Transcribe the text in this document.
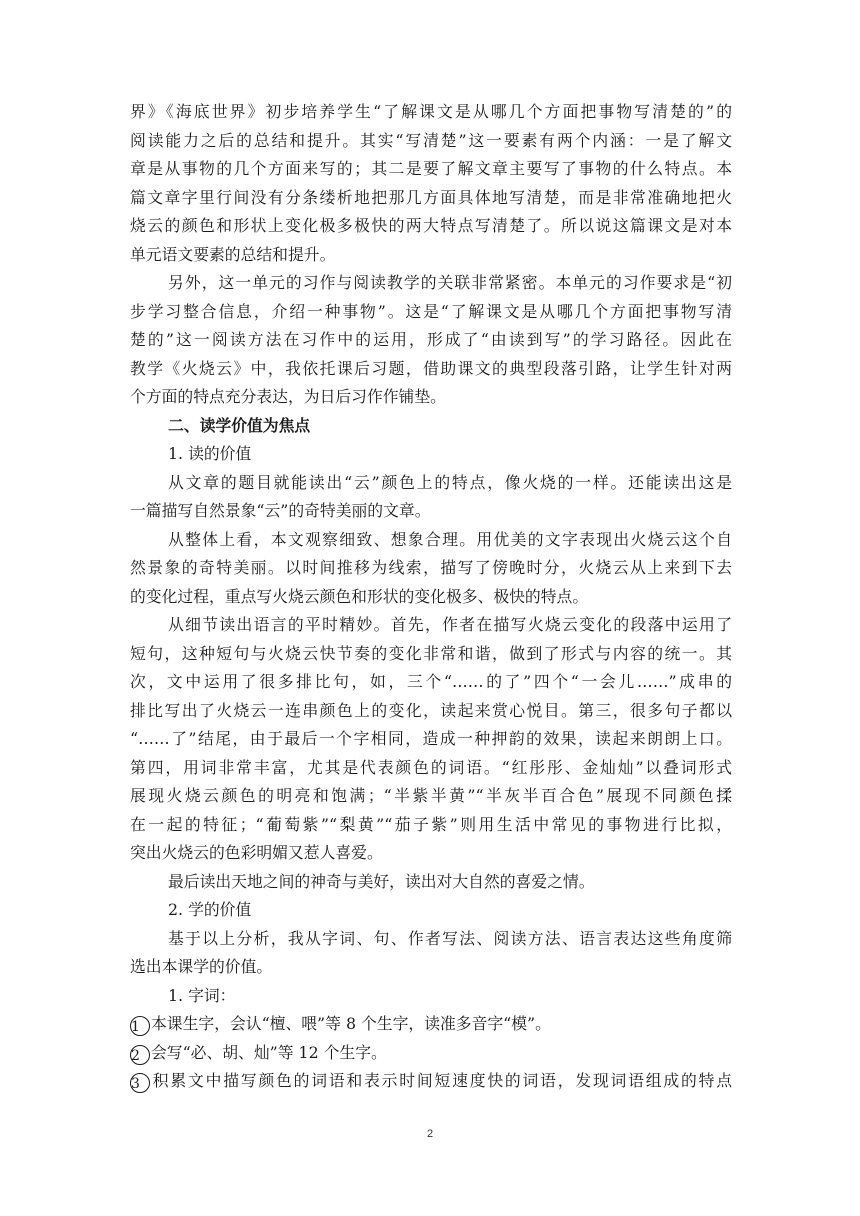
界》《海底世界》初步培养学生“了解课文是从哪几个方面把事物写清楚的”的
阅读能力之后的总结和提升。其实“写清楚”这一要素有两个内涵：一是了解文
章是从事物的几个方面来写的；其二是要了解文章主要写了事物的什么特点。本
篇文章字里行间没有分条缕析地把那几方面具体地写清楚，而是非常准确地把火
烧云的颜色和形状上变化极多极快的两大特点写清楚了。所以说这篇课文是对本
单元语文要素的总结和提升。
另外，这一单元的习作与阅读教学的关联非常紧密。本单元的习作要求是“初
步学习整合信息，介绍一种事物”。这是“了解课文是从哪几个方面把事物写清
楚的”这一阅读方法在习作中的运用，形成了“由读到写”的学习路径。因此在
教学《火烧云》中，我依托课后习题，借助课文的典型段落引路，让学生针对两
个方面的特点充分表达，为日后习作作铺垫。
二、读学价值为焦点
1. 读的价值
从文章的题目就能读出“云”颜色上的特点，像火烧的一样。还能读出这是
一篇描写自然景象“云”的奇特美丽的文章。
从整体上看，本文观察细致、想象合理。用优美的文字表现出火烧云这个自
然景象的奇特美丽。以时间推移为线索，描写了傍晚时分，火烧云从上来到下去
的变化过程，重点写火烧云颜色和形状的变化极多、极快的特点。
从细节读出语言的平时精妙。首先，作者在描写火烧云变化的段落中运用了
短句，这种短句与火烧云快节奏的变化非常和谐，做到了形式与内容的统一。其
次，文中运用了很多排比句，如，三个“……的了”四个“一会儿……”成串的
排比写出了火烧云一连串颜色上的变化，读起来赏心悦目。第三，很多句子都以
“……了”结尾，由于最后一个字相同，造成一种押韵的效果，读起来朗朗上口。
第四，用词非常丰富，尤其是代表颜色的词语。“红彤彤、金灿灿”以叠词形式
展现火烧云颜色的明亮和饱满；“半紫半黄”“半灰半百合色”展现不同颜色揉
在一起的特征；“葡萄紫”“梨黄”“茄子紫”则用生活中常见的事物进行比拟，
突出火烧云的色彩明媚又惹人喜爱。
最后读出天地之间的神奇与美好，读出对大自然的喜爱之情。
2. 学的价值
基于以上分析，我从字词、句、作者写法、阅读方法、语言表达这些角度筛
选出本课学的价值。
1. 字词：
1 本课生字，会认“檀、喂”等 8 个生字，读准多音字“模”。
2 会写“必、胡、灿”等 12 个生字。
3 积累文中描写颜色的词语和表示时间短速度快的词语，发现词语组成的特点
2
